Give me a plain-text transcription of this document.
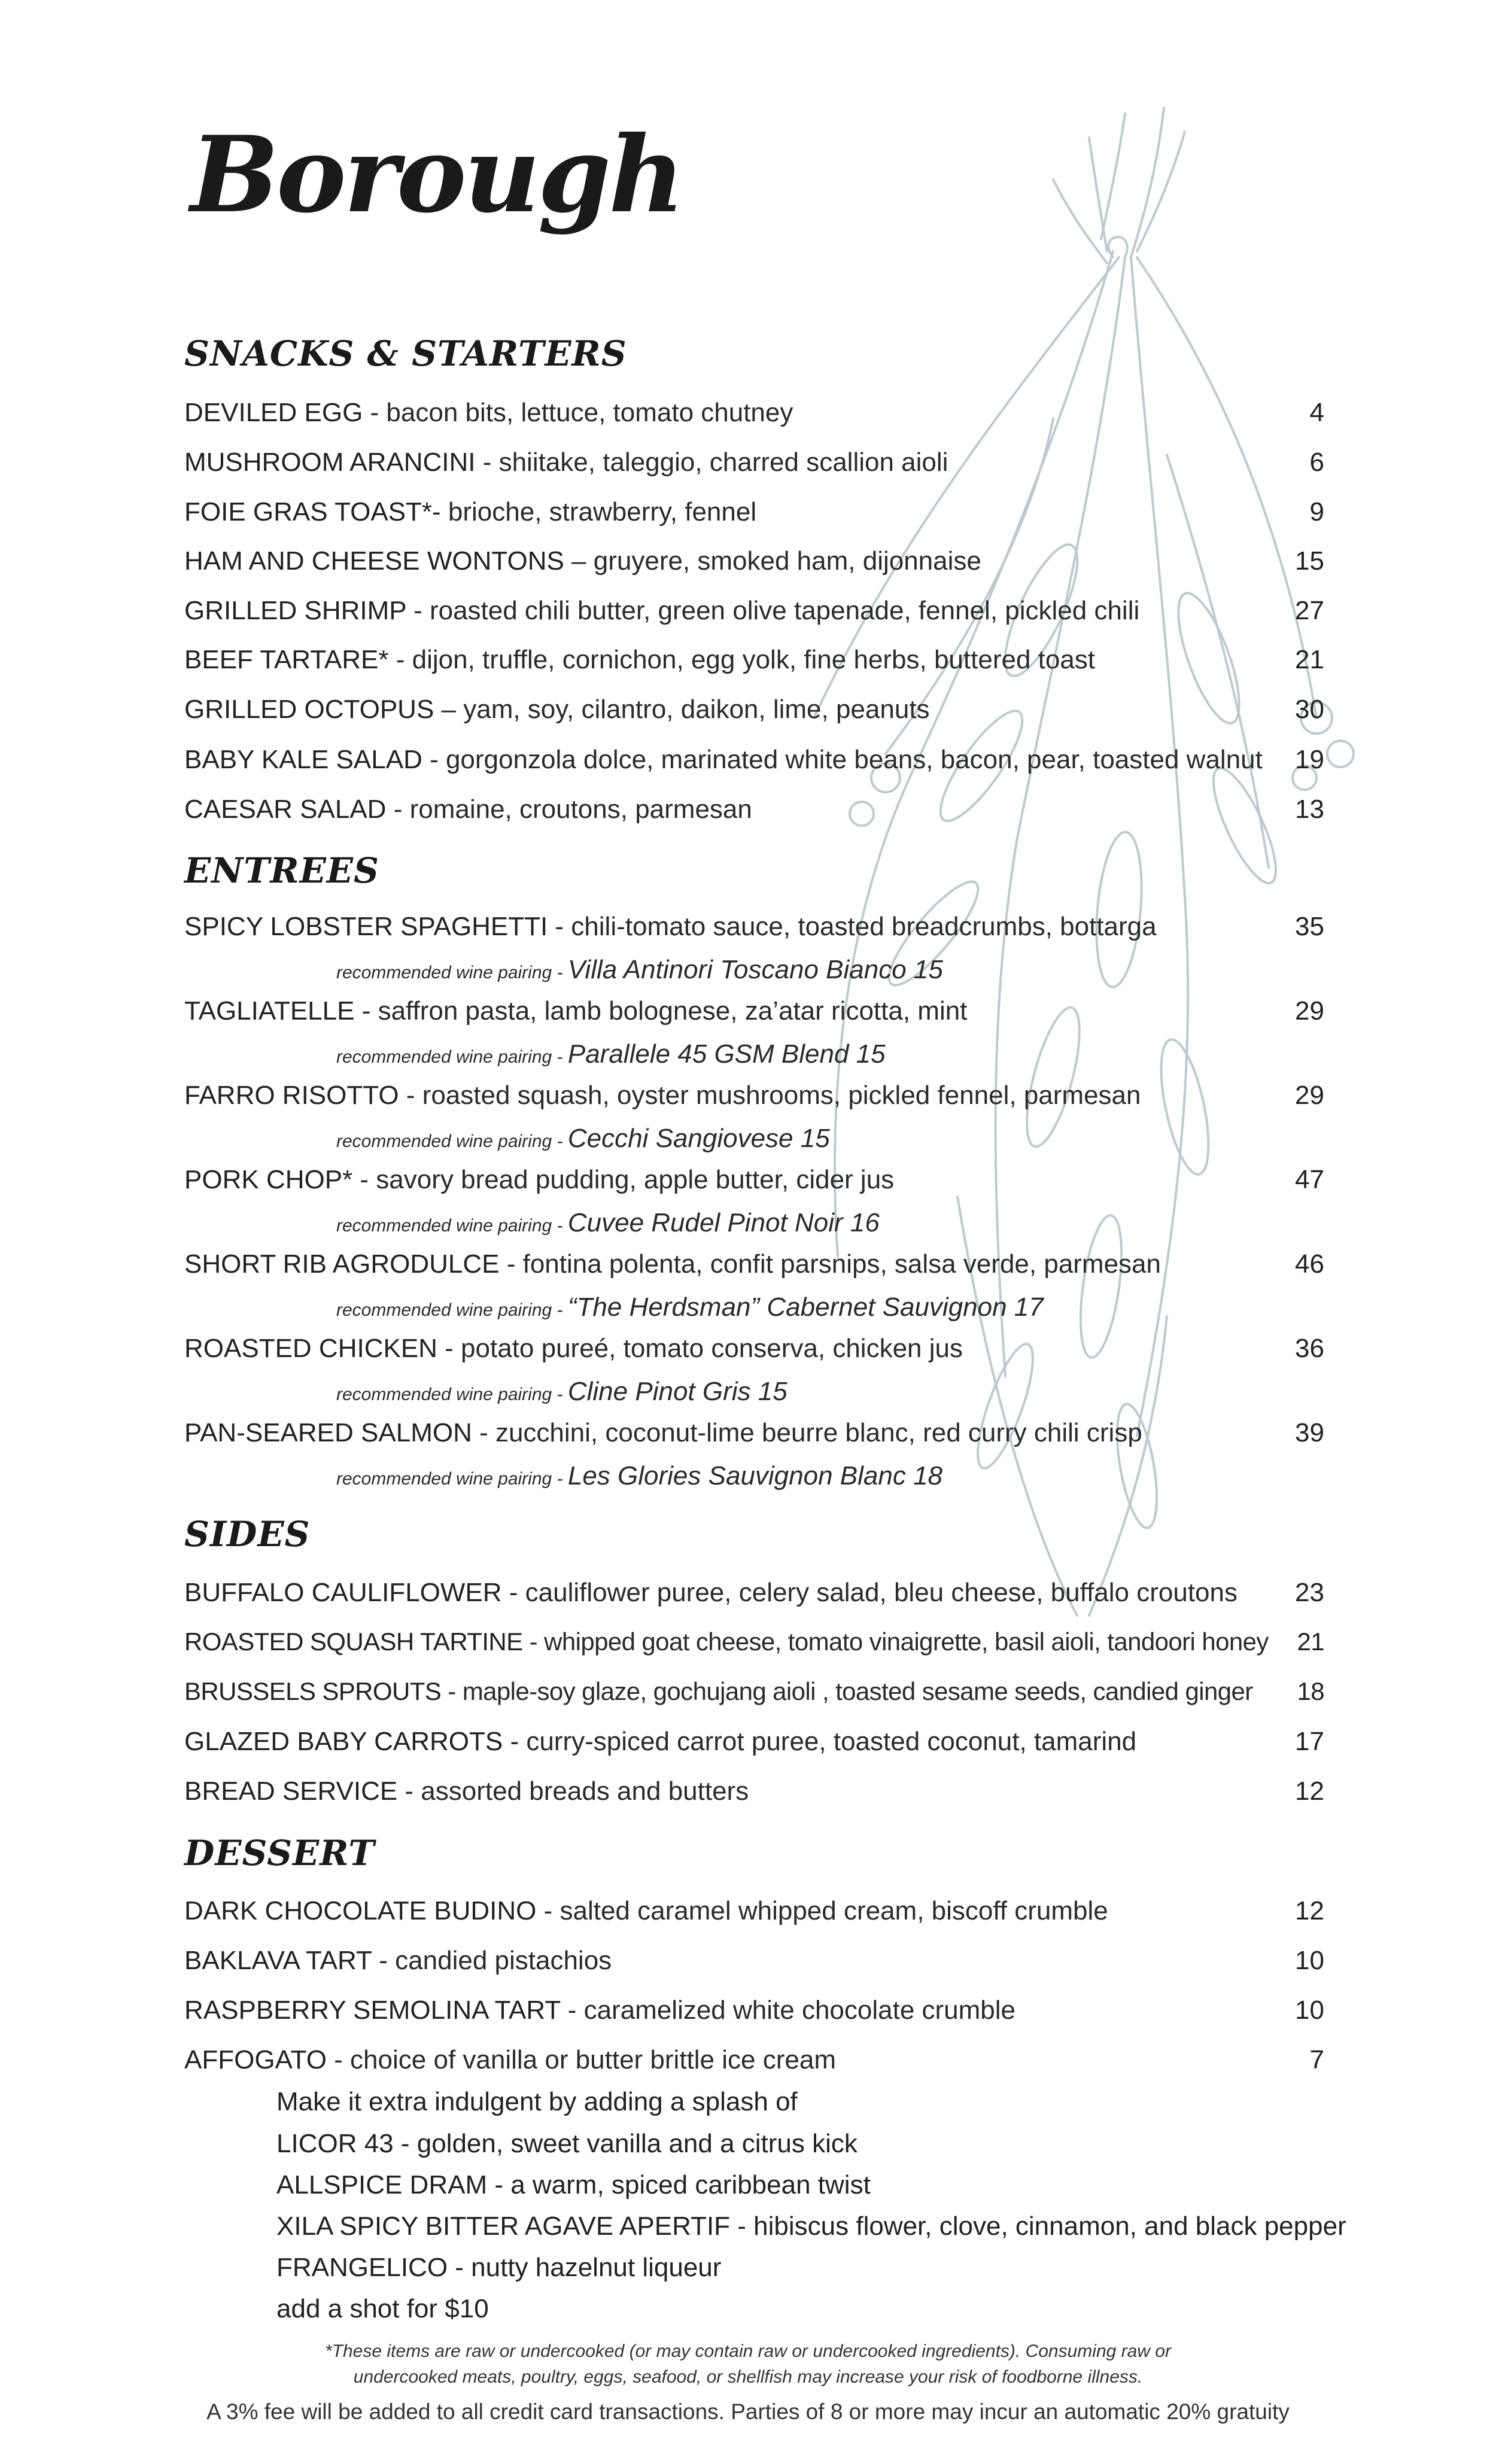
Borough
SNACKS & STARTERS
DEVILED EGG - bacon bits, lettuce, tomato chutney	4
MUSHROOM ARANCINI - shiitake, taleggio, charred scallion aioli	6
FOIE GRAS TOAST*- brioche, strawberry, fennel	9
HAM AND CHEESE WONTONS – gruyere, smoked ham, dijonnaise	15
GRILLED SHRIMP - roasted chili butter, green olive tapenade, fennel, pickled chili	27
BEEF TARTARE* - dijon, truffle, cornichon, egg yolk, fine herbs, buttered toast	21
GRILLED OCTOPUS – yam, soy, cilantro, daikon, lime, peanuts	30
BABY KALE SALAD - gorgonzola dolce, marinated white beans, bacon, pear, toasted walnut 19
CAESAR SALAD - romaine, croutons, parmesan	13
ENTREES
SPICY LOBSTER SPAGHETTI - chili-tomato sauce, toasted breadcrumbs, bottarga	35
recommended wine pairing - Villa Antinori Toscano Bianco 15
TAGLIATELLE - saffron pasta, lamb bolognese, za’atar ricotta, mint	29
recommended wine pairing - Parallele 45 GSM Blend 15
FARRO RISOTTO - roasted squash, oyster mushrooms, pickled fennel, parmesan	29
recommended wine pairing - Cecchi Sangiovese 15
PORK CHOP* - savory bread pudding, apple butter, cider jus	47
recommended wine pairing - Cuvee Rudel Pinot Noir 16
SHORT RIB AGRODULCE - fontina polenta, confit parsnips, salsa verde, parmesan	46
recommended wine pairing - “The Herdsman” Cabernet Sauvignon 17
ROASTED CHICKEN - potato pureé, tomato conserva, chicken jus	36
recommended wine pairing - Cline Pinot Gris 15
PAN-SEARED SALMON - zucchini, coconut-lime beurre blanc, red curry chili crisp	39
recommended wine pairing - Les Glories Sauvignon Blanc 18
SIDES
BUFFALO CAULIFLOWER - cauliflower puree, celery salad, bleu cheese, buffalo croutons 23
ROASTED SQUASH TARTINE - whipped goat cheese, tomato vinaigrette, basil aioli, tandoori honey 21
BRUSSELS SPROUTS - maple-soy glaze, gochujang aioli , toasted sesame seeds, candied ginger 18
GLAZED BABY CARROTS - curry-spiced carrot puree, toasted coconut, tamarind	17
BREAD SERVICE - assorted breads and butters	12
DESSERT
DARK CHOCOLATE BUDINO - salted caramel whipped cream, biscoff crumble	12
BAKLAVA TART - candied pistachios	10
RASPBERRY SEMOLINA TART - caramelized white chocolate crumble	10
AFFOGATO - choice of vanilla or butter brittle ice cream	7
Make it extra indulgent by adding a splash of
LICOR 43 - golden, sweet vanilla and a citrus kick
ALLSPICE DRAM - a warm, spiced caribbean twist
XILA SPICY BITTER AGAVE APERTIF - hibiscus flower, clove, cinnamon, and black pepper
FRANGELICO - nutty hazelnut liqueur
add a shot for $10
*These items are raw or undercooked (or may contain raw or undercooked ingredients). Consuming raw or
undercooked meats, poultry, eggs, seafood, or shellfish may increase your risk of foodborne illness.
A 3% fee will be added to all credit card transactions. Parties of 8 or more may incur an automatic 20% gratuity
